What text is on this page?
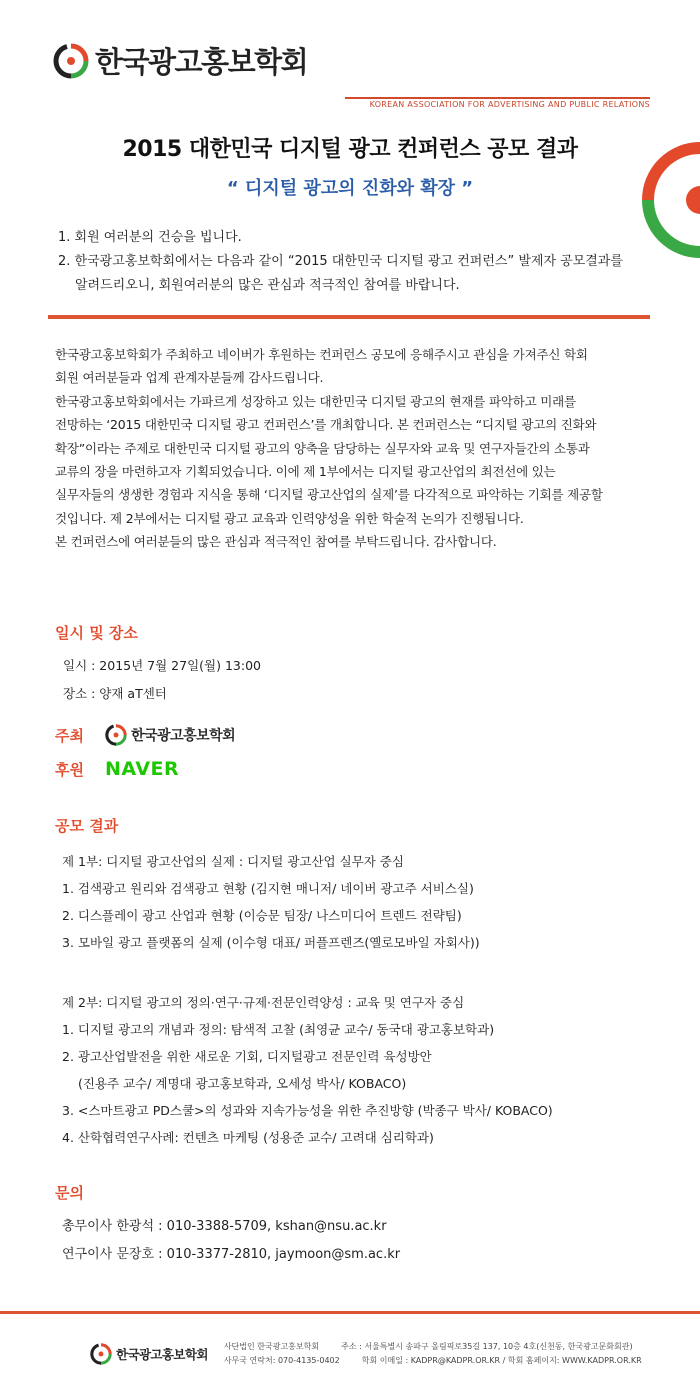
한국광고홍보학회
KOREAN ASSOCIATION FOR ADVERTISING AND PUBLIC RELATIONS
2015 대한민국 디지털 광고 컨퍼런스 공모 결과
“ 디지털 광고의 진화와 확장 ”

1. 회원 여러분의 건승을 빕니다.

2. 한국광고홍보학회에서는 다음과 같이 “2015 대한민국 디지털 광고 컨퍼런스” 발제자 공모결과를

알려드리오니, 회원여러분의 많은 관심과 적극적인 참여를 바랍니다.

한국광고홍보학회가 주최하고 네이버가 후원하는 컨퍼런스 공모에 응해주시고 관심을 가져주신 학회

회원 여러분들과 업계 관계자분들께 감사드립니다.

한국광고홍보학회에서는 가파르게 성장하고 있는 대한민국 디지털 광고의 현재를 파악하고 미래를

전망하는 ‘2015 대한민국 디지털 광고 컨퍼런스’를 개최합니다. 본 컨퍼런스는 “디지털 광고의 진화와

확장”이라는 주제로 대한민국 디지털 광고의 양축을 담당하는 실무자와 교육 및 연구자들간의 소통과

교류의 장을 마련하고자 기획되었습니다. 이에 제 1부에서는 디지털 광고산업의 최전선에 있는

실무자들의 생생한 경험과 지식을 통해 ‘디지털 광고산업의 실제’를 다각적으로 파악하는 기회를 제공할

것입니다. 제 2부에서는 디지털 광고 교육과 인력양성을 위한 학술적 논의가 진행됩니다.

본 컨퍼런스에 여러분들의 많은 관심과 적극적인 참여를 부탁드립니다. 감사합니다.

일시 및 장소
일시 : 2015년 7월 27일(월) 13:00
장소 : 양재 aT센터
주최	한국광고홍보학회
후원	NAVER
공모 결과

제 1부: 디지털 광고산업의 실제 : 디지털 광고산업 실무자 중심

1. 검색광고 원리와 검색광고 현황 (김지현 매니저/ 네이버 광고주 서비스실)

2. 디스플레이 광고 산업과 현황 (이승문 팀장/ 나스미디어 트렌드 전략팀)

3. 모바일 광고 플랫폼의 실제 (이수형 대표/ 퍼플프렌즈(옐로모바일 자회사))

제 2부: 디지털 광고의 정의·연구·규제·전문인력양성 : 교육 및 연구자 중심

1. 디지털 광고의 개념과 정의: 탐색적 고찰 (최영균 교수/ 동국대 광고홍보학과)

2. 광고산업발전을 위한 새로운 기회, 디지털광고 전문인력 육성방안

(진용주 교수/ 계명대 광고홍보학과, 오세성 박사/ KOBACO)

3. <스마트광고 PD스쿨>의 성과와 지속가능성을 위한 추진방향 (박종구 박사/ KOBACO)

4. 산학협력연구사례: 컨텐츠 마케팅 (성용준 교수/ 고려대 심리학과)

문의

총무이사 한광석 : 010-3388-5709, kshan@nsu.ac.kr

연구이사 문장호 : 010-3377-2810, jaymoon@sm.ac.kr

한국광고홍보학회
사단법인 한국광고홍보학회	주소 : 서울특별시 송파구 올림픽로35길 137, 10층 4호(신천동, 한국광고문화회관)
사무국 연락처: 070-4135-0402	학회 이메일 : KADPR@KADPR.OR.KR / 학회 홈페이지: WWW.KADPR.OR.KR
